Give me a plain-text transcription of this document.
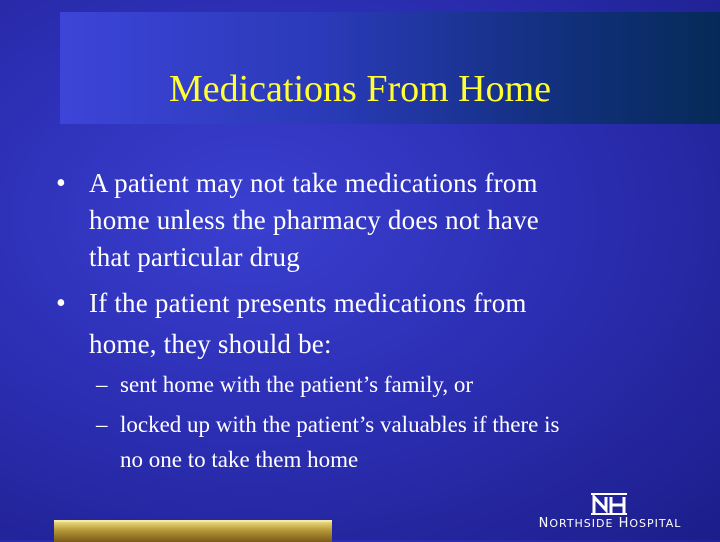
Medications From Home
• A patient may not take medications from
home unless the pharmacy does not have
that particular drug
• If the patient presents medications from
home, they should be:
– sent home with the patient’s family, or
– locked up with the patient’s valuables if there is
no one to take them home
NORTHSIDE HOSPITAL
